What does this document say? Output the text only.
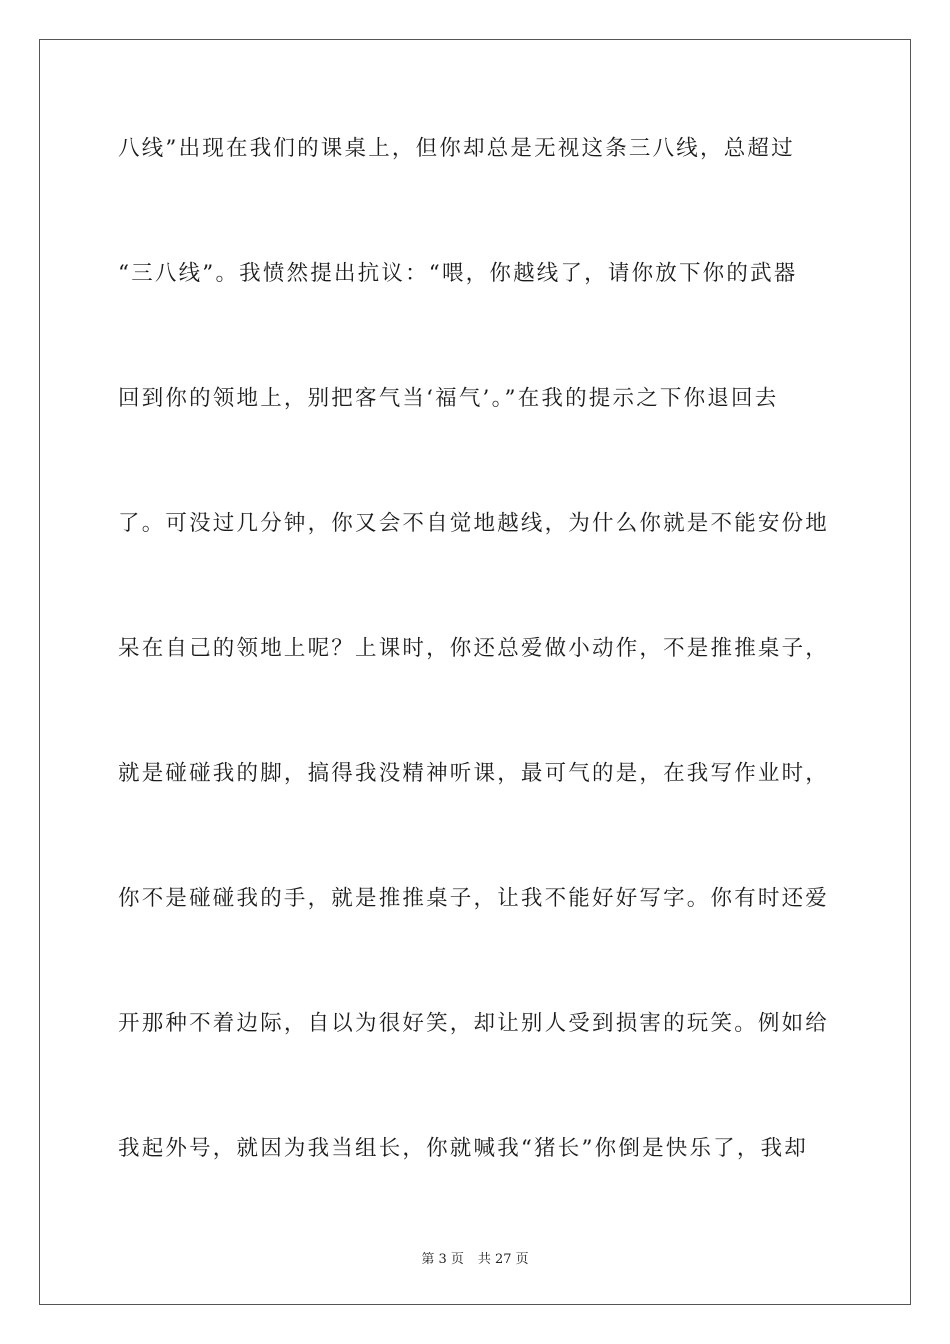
八线”出现在我们的课桌上，但你却总是无视这条三八线，总超过
“三八线”。我愤然提出抗议：“喂，你越线了，请你放下你的武器
回到你的领地上，别把客气当‘福气’。”在我的提示之下你退回去
了。可没过几分钟，你又会不自觉地越线，为什么你就是不能安份地
呆在自己的领地上呢？上课时，你还总爱做小动作，不是推推桌子，
就是碰碰我的脚，搞得我没精神听课，最可气的是，在我写作业时，
你不是碰碰我的手，就是推推桌子，让我不能好好写字。你有时还爱
开那种不着边际，自以为很好笑，却让别人受到损害的玩笑。例如给
我起外号，就因为我当组长，你就喊我“猪长”你倒是快乐了，我却
第 3 页 共 27 页
